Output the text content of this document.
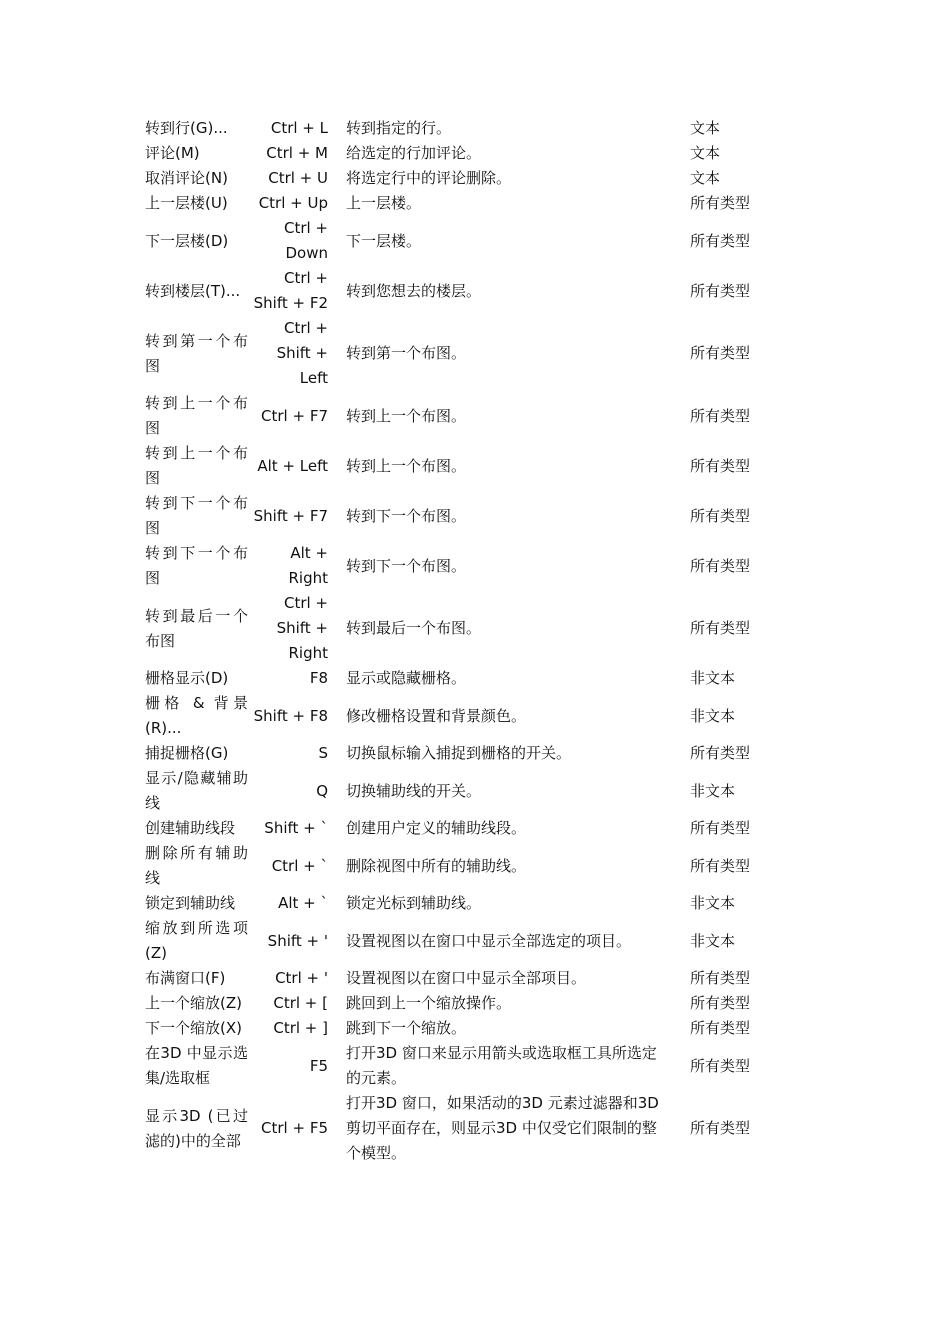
转到行(G)...	Ctrl + L	转到指定的行。	文本

评论(M)	Ctrl + M	给选定的行加评论。	文本

取消评论(N)	Ctrl + U	将选定行中的评论删除。	文本

上一层楼(U)	Ctrl + Up	上一层楼。	所有类型

下一层楼(D)	Ctrl + Down	下一层楼。	所有类型

转到楼层(T)...	Ctrl + Shift + F2	转到您想去的楼层。	所有类型

转到第一个布图	Ctrl + Shift + Left	转到第一个布图。	所有类型

转到上一个布图	Ctrl + F7	转到上一个布图。	所有类型

转到上一个布图	Alt + Left	转到上一个布图。	所有类型

转到下一个布图	Shift + F7	转到下一个布图。	所有类型

转到下一个布图	Alt + Right	转到下一个布图。	所有类型

转到最后一个布图	Ctrl + Shift + Right	转到最后一个布图。	所有类型

栅格显示(D)	F8	显示或隐藏栅格。	非文本

栅格 & 背景(R)...	Shift + F8	修改栅格设置和背景颜色。	非文本

捕捉栅格(G)	S	切换鼠标输入捕捉到栅格的开关。	所有类型

显示/隐藏辅助线	Q	切换辅助线的开关。	非文本

创建辅助线段	Shift + `	创建用户定义的辅助线段。	所有类型

删除所有辅助线	Ctrl + `	删除视图中所有的辅助线。	所有类型

锁定到辅助线	Alt + `	锁定光标到辅助线。	非文本

缩放到所选项(Z)	Shift + '	设置视图以在窗口中显示全部选定的项目。	非文本

布满窗口(F)	Ctrl + '	设置视图以在窗口中显示全部项目。	所有类型

上一个缩放(Z)	Ctrl + [	跳回到上一个缩放操作。	所有类型

下一个缩放(X)	Ctrl + ]	跳到下一个缩放。	所有类型

在3D 中显示选集/选取框	F5	打开3D 窗口来显示用箭头或选取框工具所选定的元素。	所有类型

显示3D (已过滤的)中的全部	Ctrl + F5	打开3D 窗口，如果活动的3D 元素过滤器和3D 剪切平面存在，则显示3D 中仅受它们限制的整个模型。	所有类型
